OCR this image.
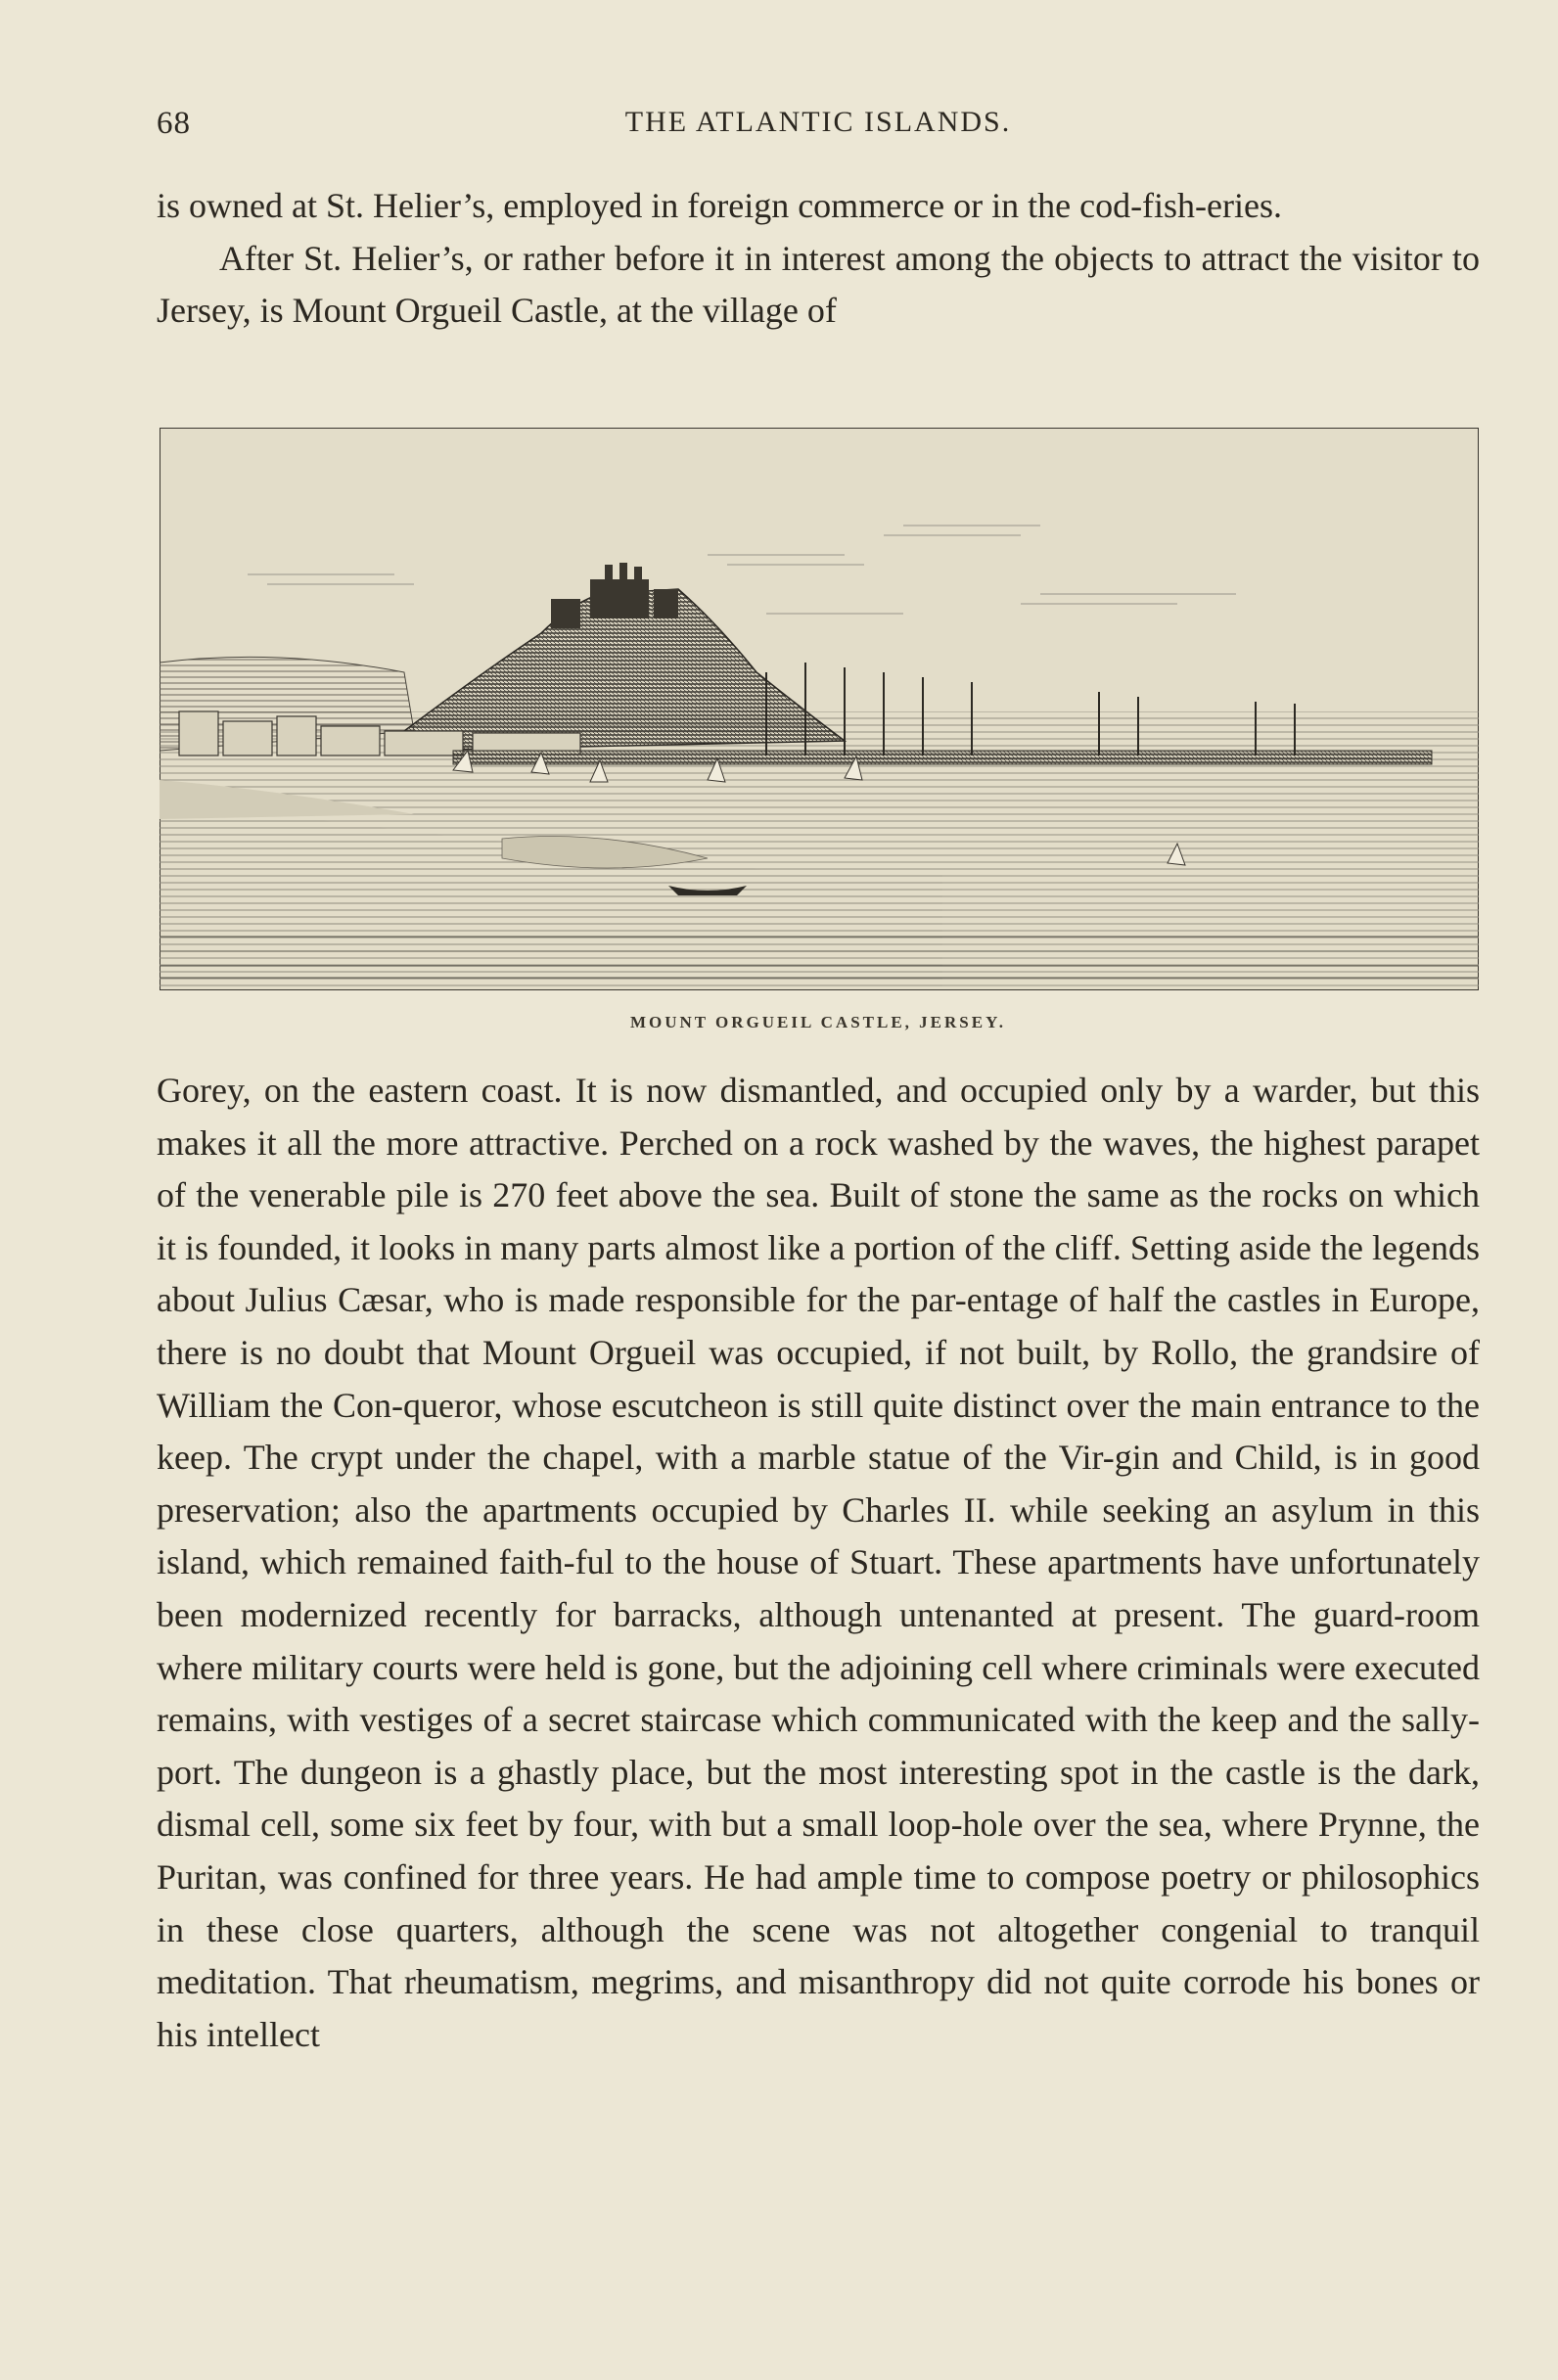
68	THE ATLANTIC ISLANDS.

is owned at St. Helier’s, employed in foreign commerce or in the cod-fish-eries.

After St. Helier’s, or rather before it in interest among the objects to attract the visitor to Jersey, is Mount Orgueil Castle, at the village of

MOUNT ORGUEIL CASTLE, JERSEY.

Gorey, on the eastern coast. It is now dismantled, and occupied only by a warder, but this makes it all the more attractive. Perched on a rock washed by the waves, the highest parapet of the venerable pile is 270 feet above the sea. Built of stone the same as the rocks on which it is founded, it looks in many parts almost like a portion of the cliff. Setting aside the legends about Julius Cæsar, who is made responsible for the par-entage of half the castles in Europe, there is no doubt that Mount Orgueil was occupied, if not built, by Rollo, the grandsire of William the Con-queror, whose escutcheon is still quite distinct over the main entrance to the keep. The crypt under the chapel, with a marble statue of the Vir-gin and Child, is in good preservation; also the apartments occupied by Charles II. while seeking an asylum in this island, which remained faith-ful to the house of Stuart. These apartments have unfortunately been modernized recently for barracks, although untenanted at present. The guard-room where military courts were held is gone, but the adjoining cell where criminals were executed remains, with vestiges of a secret staircase which communicated with the keep and the sally-port. The dungeon is a ghastly place, but the most interesting spot in the castle is the dark, dismal cell, some six feet by four, with but a small loop-hole over the sea, where Prynne, the Puritan, was confined for three years. He had ample time to compose poetry or philosophics in these close quarters, although the scene was not altogether congenial to tranquil meditation. That rheumatism, megrims, and misanthropy did not quite corrode his bones or his intellect
